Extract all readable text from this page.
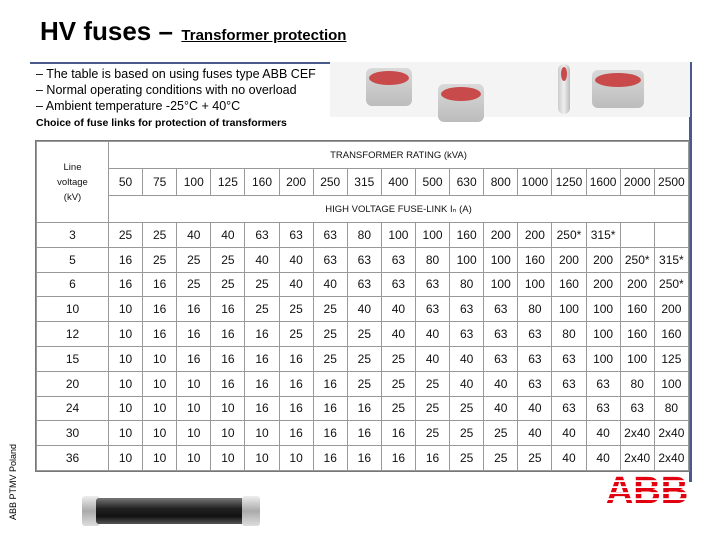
HV fuses – Transformer protection
ABB PTMV Poland
– The table is based on using fuses type ABB CEF
– Normal operating conditions with no overload
– Ambient temperature -25°C + 40°C
Choice of fuse links for protection of transformers
Line
voltage
(kV)	TRANSFORMER RATING (kVA)																
	50	75	100	125	160	200	250	315	400	500	630	800	1000	1250	1600	2000	2500
	HIGH VOLTAGE FUSE-LINK Iₙ (A)																
3	25	25	40	40	63	63	63	80	100	100	160	200	200	250*	315*		
5	16	25	25	25	40	40	63	63	63	80	100	100	160	200	200	250*	315*
6	16	16	25	25	25	40	40	63	63	63	80	100	100	160	200	200	250*
10	10	16	16	16	25	25	25	40	40	63	63	63	80	100	100	160	200
12	10	16	16	16	16	25	25	25	40	40	63	63	63	80	100	160	160
15	10	10	16	16	16	16	25	25	25	40	40	63	63	63	100	100	125
20	10	10	10	16	16	16	16	25	25	25	40	40	63	63	63	80	100
24	10	10	10	10	16	16	16	16	25	25	25	40	40	63	63	63	80
30	10	10	10	10	10	16	16	16	16	25	25	25	40	40	40	2x40	2x40
36	10	10	10	10	10	10	16	16	16	16	25	25	25	40	40	2x40	2x40
ABB
